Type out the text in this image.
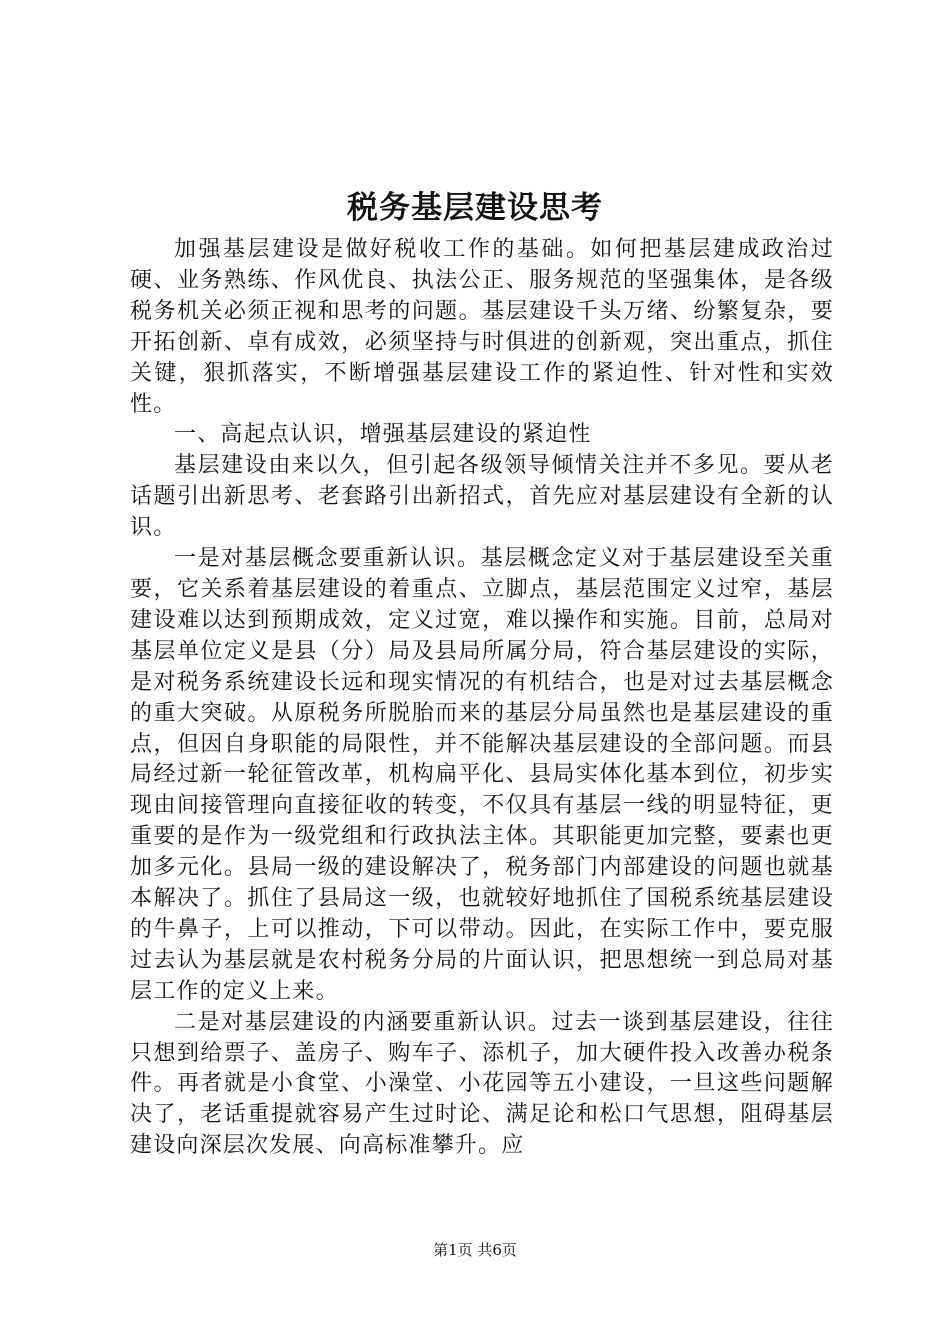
税务基层建设思考

加强基层建设是做好税收工作的基础。如何把基层建成政治过硬、业务熟练、作风优良、执法公正、服务规范的坚强集体，是各级税务机关必须正视和思考的问题。基层建设千头万绪、纷繁复杂，要开拓创新、卓有成效，必须坚持与时俱进的创新观，突出重点，抓住关键，狠抓落实，不断增强基层建设工作的紧迫性、针对性和实效性。

一、高起点认识，增强基层建设的紧迫性

基层建设由来以久，但引起各级领导倾情关注并不多见。要从老话题引出新思考、老套路引出新招式，首先应对基层建设有全新的认识。

一是对基层概念要重新认识。基层概念定义对于基层建设至关重要，它关系着基层建设的着重点、立脚点，基层范围定义过窄，基层建设难以达到预期成效，定义过宽，难以操作和实施。目前，总局对基层单位定义是县（分）局及县局所属分局，符合基层建设的实际，是对税务系统建设长远和现实情况的有机结合，也是对过去基层概念的重大突破。从原税务所脱胎而来的基层分局虽然也是基层建设的重点，但因自身职能的局限性，并不能解决基层建设的全部问题。而县局经过新一轮征管改革，机构扁平化、县局实体化基本到位，初步实现由间接管理向直接征收的转变，不仅具有基层一线的明显特征，更重要的是作为一级党组和行政执法主体。其职能更加完整，要素也更加多元化。县局一级的建设解决了，税务部门内部建设的问题也就基本解决了。抓住了县局这一级，也就较好地抓住了国税系统基层建设的牛鼻子，上可以推动，下可以带动。因此，在实际工作中，要克服过去认为基层就是农村税务分局的片面认识，把思想统一到总局对基层工作的定义上来。

二是对基层建设的内涵要重新认识。过去一谈到基层建设，往往只想到给票子、盖房子、购车子、添机子，加大硬件投入改善办税条件。再者就是小食堂、小澡堂、小花园等五小建设，一旦这些问题解决了，老话重提就容易产生过时论、满足论和松口气思想，阻碍基层建设向深层次发展、向高标准攀升。应

第1页 共6页
